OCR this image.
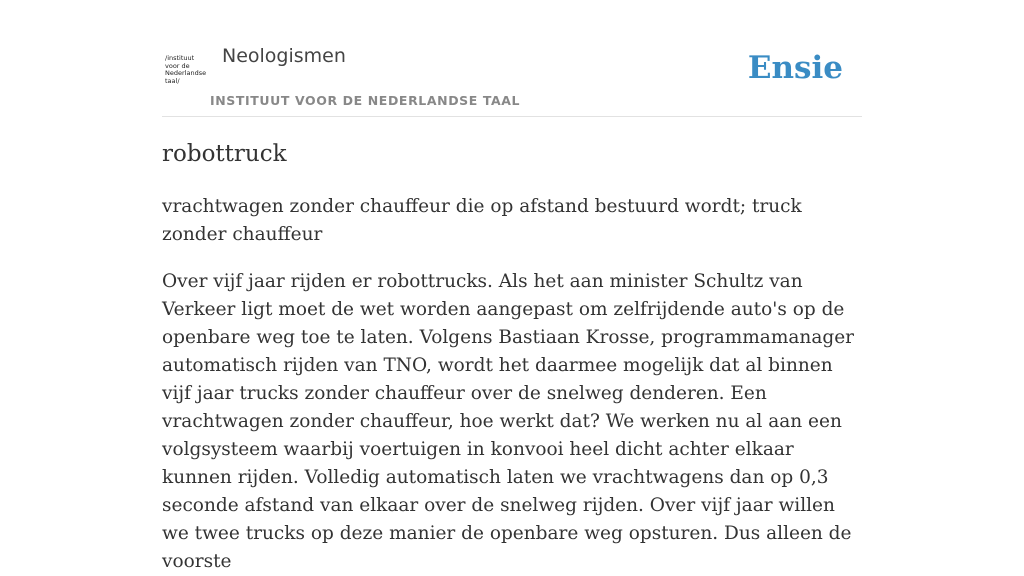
/instituut
voor de
Nederlandse
taal/
Neologismen
INSTITUUT VOOR DE NEDERLANDSE TAAL
Ensie
robottruck

vrachtwagen zonder chauffeur die op afstand bestuurd wordt; truck zonder chauffeur

Over vijf jaar rijden er robottrucks. Als het aan minister Schultz van Verkeer ligt moet de wet worden aangepast om zelfrijdende auto's op de openbare weg toe te laten. Volgens Bastiaan Krosse, programmamanager automatisch rijden van TNO, wordt het daarmee mogelijk dat al binnen vijf jaar trucks zonder chauffeur over de snelweg denderen. Een vrachtwagen zonder chauffeur, hoe werkt dat? We werken nu al aan een volgsysteem waarbij voertuigen in konvooi heel dicht achter elkaar kunnen rijden. Volledig automatisch laten we vrachtwagens dan op 0,3 seconde afstand van elkaar over de snelweg rijden. Over vijf jaar willen we twee trucks op deze manier de openbare weg opsturen. Dus alleen de voorste
